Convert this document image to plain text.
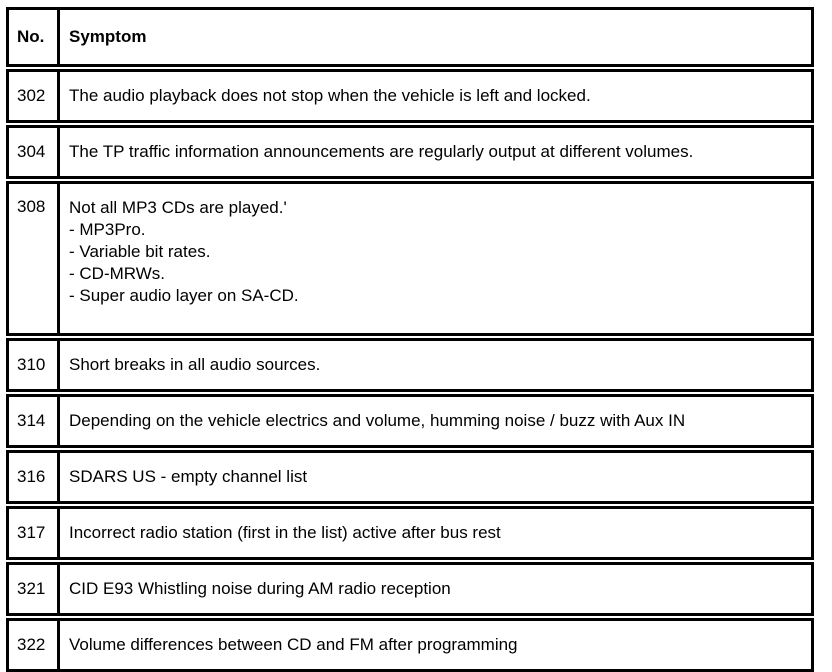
No.	Symptom

302	The audio playback does not stop when the vehicle is left and locked.

304	The TP traffic information announcements are regularly output at different volumes.

308	Not all MP3 CDs are played.'
- MP3Pro.
- Variable bit rates.
- CD-MRWs.
- Super audio layer on SA-CD.

310	Short breaks in all audio sources.

314	Depending on the vehicle electrics and volume, humming noise / buzz with Aux IN

316	SDARS US - empty channel list

317	Incorrect radio station (first in the list) active after bus rest

321	CID E93 Whistling noise during AM radio reception

322	Volume differences between CD and FM after programming
